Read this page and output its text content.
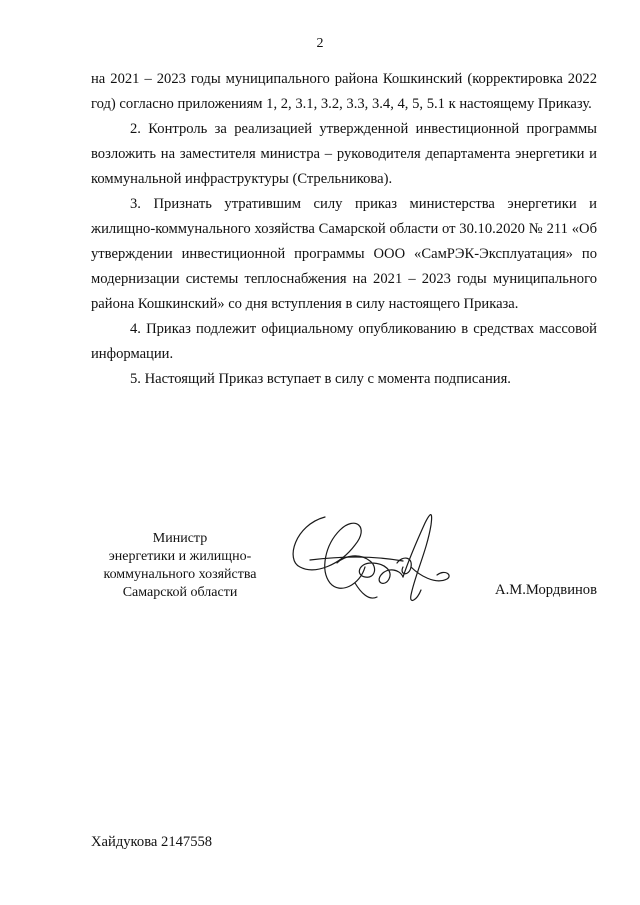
2

на 2021 – 2023 годы муниципального района Кошкинский (корректировка 2022 год) согласно приложениям 1, 2, 3.1, 3.2, 3.3, 3.4, 4, 5, 5.1 к настоящему Приказу.

2. Контроль за реализацией утвержденной инвестиционной программы возложить на заместителя министра – руководителя департамента энергетики и коммунальной инфраструктуры (Стрельникова).

3. Признать утратившим силу приказ министерства энергетики и жилищно-коммунального хозяйства Самарской области от 30.10.2020 № 211 «Об утверждении инвестиционной программы ООО «СамРЭК-Эксплуатация» по модернизации системы теплоснабжения на 2021 – 2023 годы муниципального района Кошкинский» со дня вступления в силу настоящего Приказа.

4. Приказ подлежит официальному опубликованию в средствах массовой информации.

5. Настоящий Приказ вступает в силу с момента подписания.

Министр
энергетики и жилищно-
коммунального хозяйства
Самарской области	А.М.Мордвинов
Хайдукова 2147558
